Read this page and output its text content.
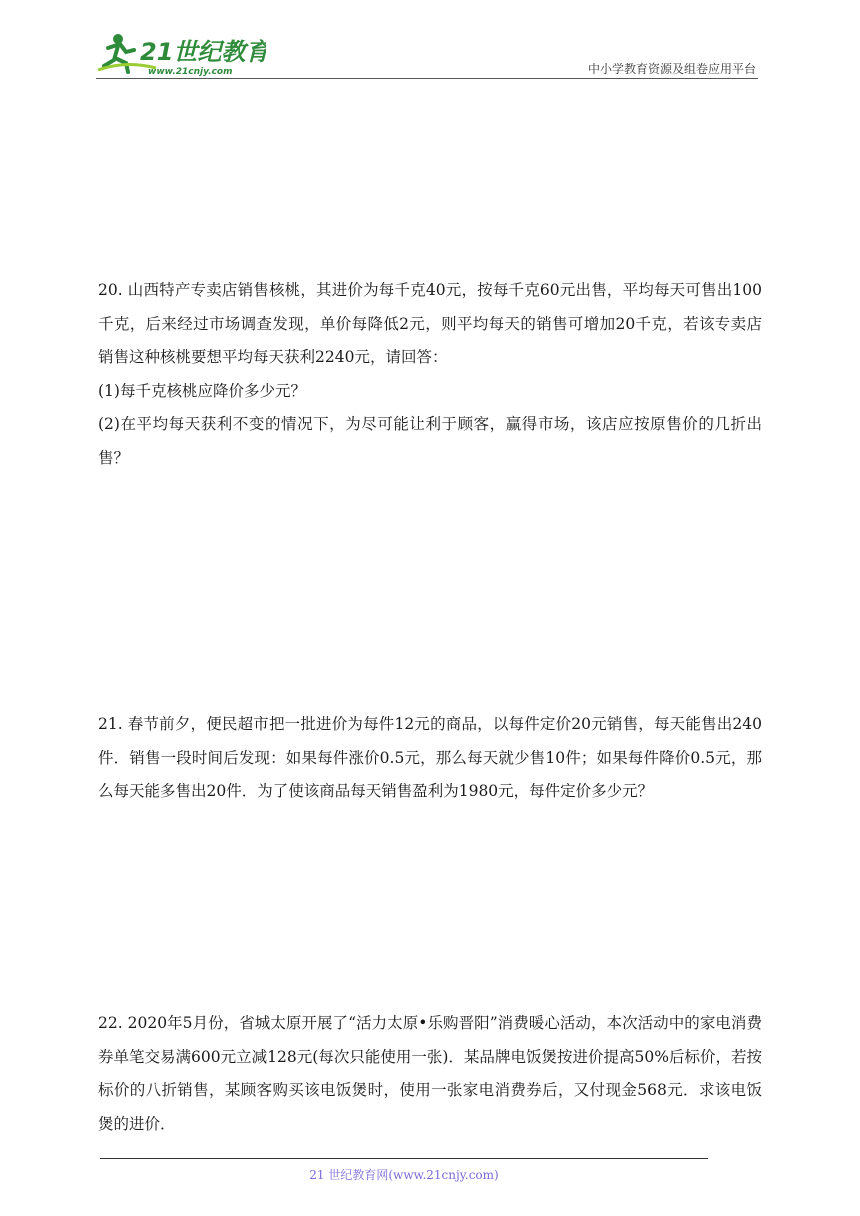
21世纪教育
www.21cnjy.com	中小学教育资源及组卷应用平台

20. 山西特产专卖店销售核桃，其进价为每千克40元，按每千克60元出售，平均每天可售出100千克，后来经过市场调查发现，单价每降低2元，则平均每天的销售可增加20千克，若该专卖店销售这种核桃要想平均每天获利2240元，请回答：

(1)每千克核桃应降价多少元？

(2)在平均每天获利不变的情况下，为尽可能让利于顾客，赢得市场，该店应按原售价的几折出售？

21. 春节前夕，便民超市把一批进价为每件12元的商品，以每件定价20元销售，每天能售出240件．销售一段时间后发现：如果每件涨价0.5元，那么每天就少售10件；如果每件降价0.5元，那么每天能多售出20件．为了使该商品每天销售盈利为1980元，每件定价多少元？

22. 2020年5月份，省城太原开展了“活力太原•乐购晋阳”消费暖心活动，本次活动中的家电消费券单笔交易满600元立减128元(每次只能使用一张)．某品牌电饭煲按进价提高50%后标价，若按标价的八折销售，某顾客购买该电饭煲时，使用一张家电消费券后，又付现金568元．求该电饭煲的进价．

21 世纪教育网(www.21cnjy.com)
